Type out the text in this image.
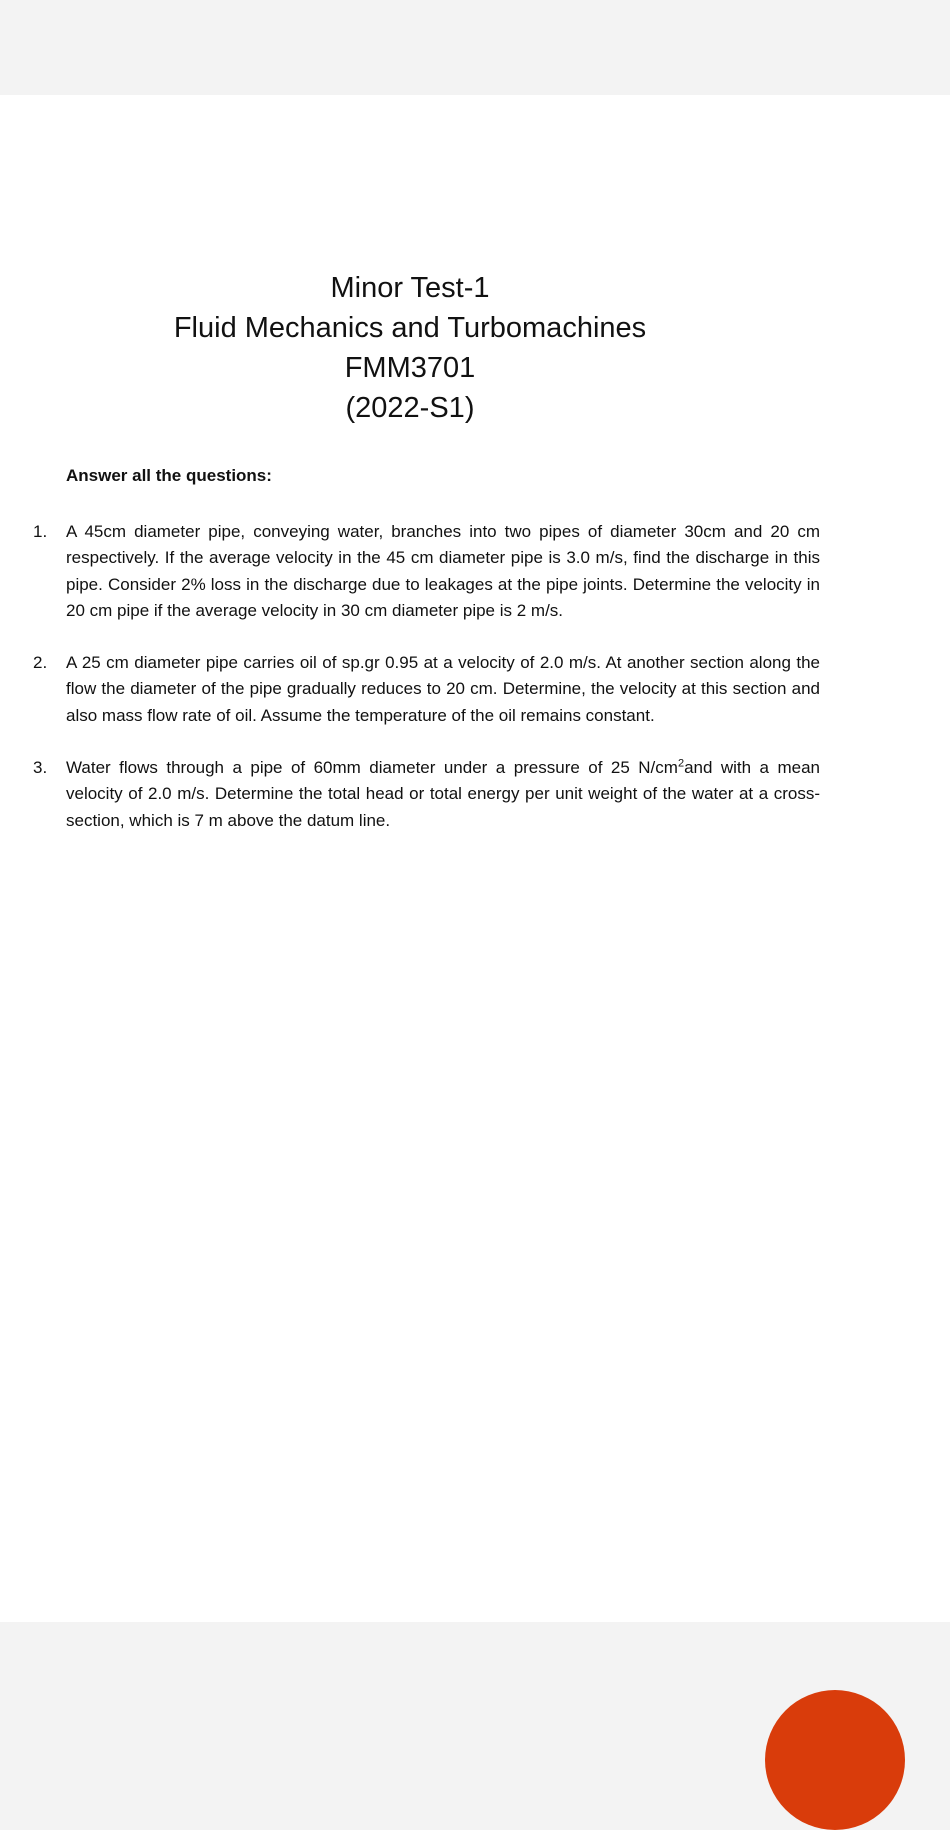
Minor Test-1
Fluid Mechanics and Turbomachines
FMM3701
(2022-S1)
Answer all the questions:
1.	A 45cm diameter pipe, conveying water, branches into two pipes of diameter 30cm and 20 cm respectively. If the average velocity in the 45 cm diameter pipe is 3.0 m/s, find the discharge in this pipe. Consider 2% loss in the discharge due to leakages at the pipe joints. Determine the velocity in 20 cm pipe if the average velocity in 30 cm diameter pipe is 2 m/s.
2.	A 25 cm diameter pipe carries oil of sp.gr 0.95 at a velocity of 2.0 m/s. At another section along the flow the diameter of the pipe gradually reduces to 20 cm. Determine, the velocity at this section and also mass flow rate of oil. Assume the temperature of the oil remains constant.
3.	Water flows through a pipe of 60mm diameter under a pressure of 25 $N/cm^2and$ with a mean velocity of 2.0 m/s. Determine the total head or total energy per unit weight of the water at a cross-section, which is 7 m above the datum line.
